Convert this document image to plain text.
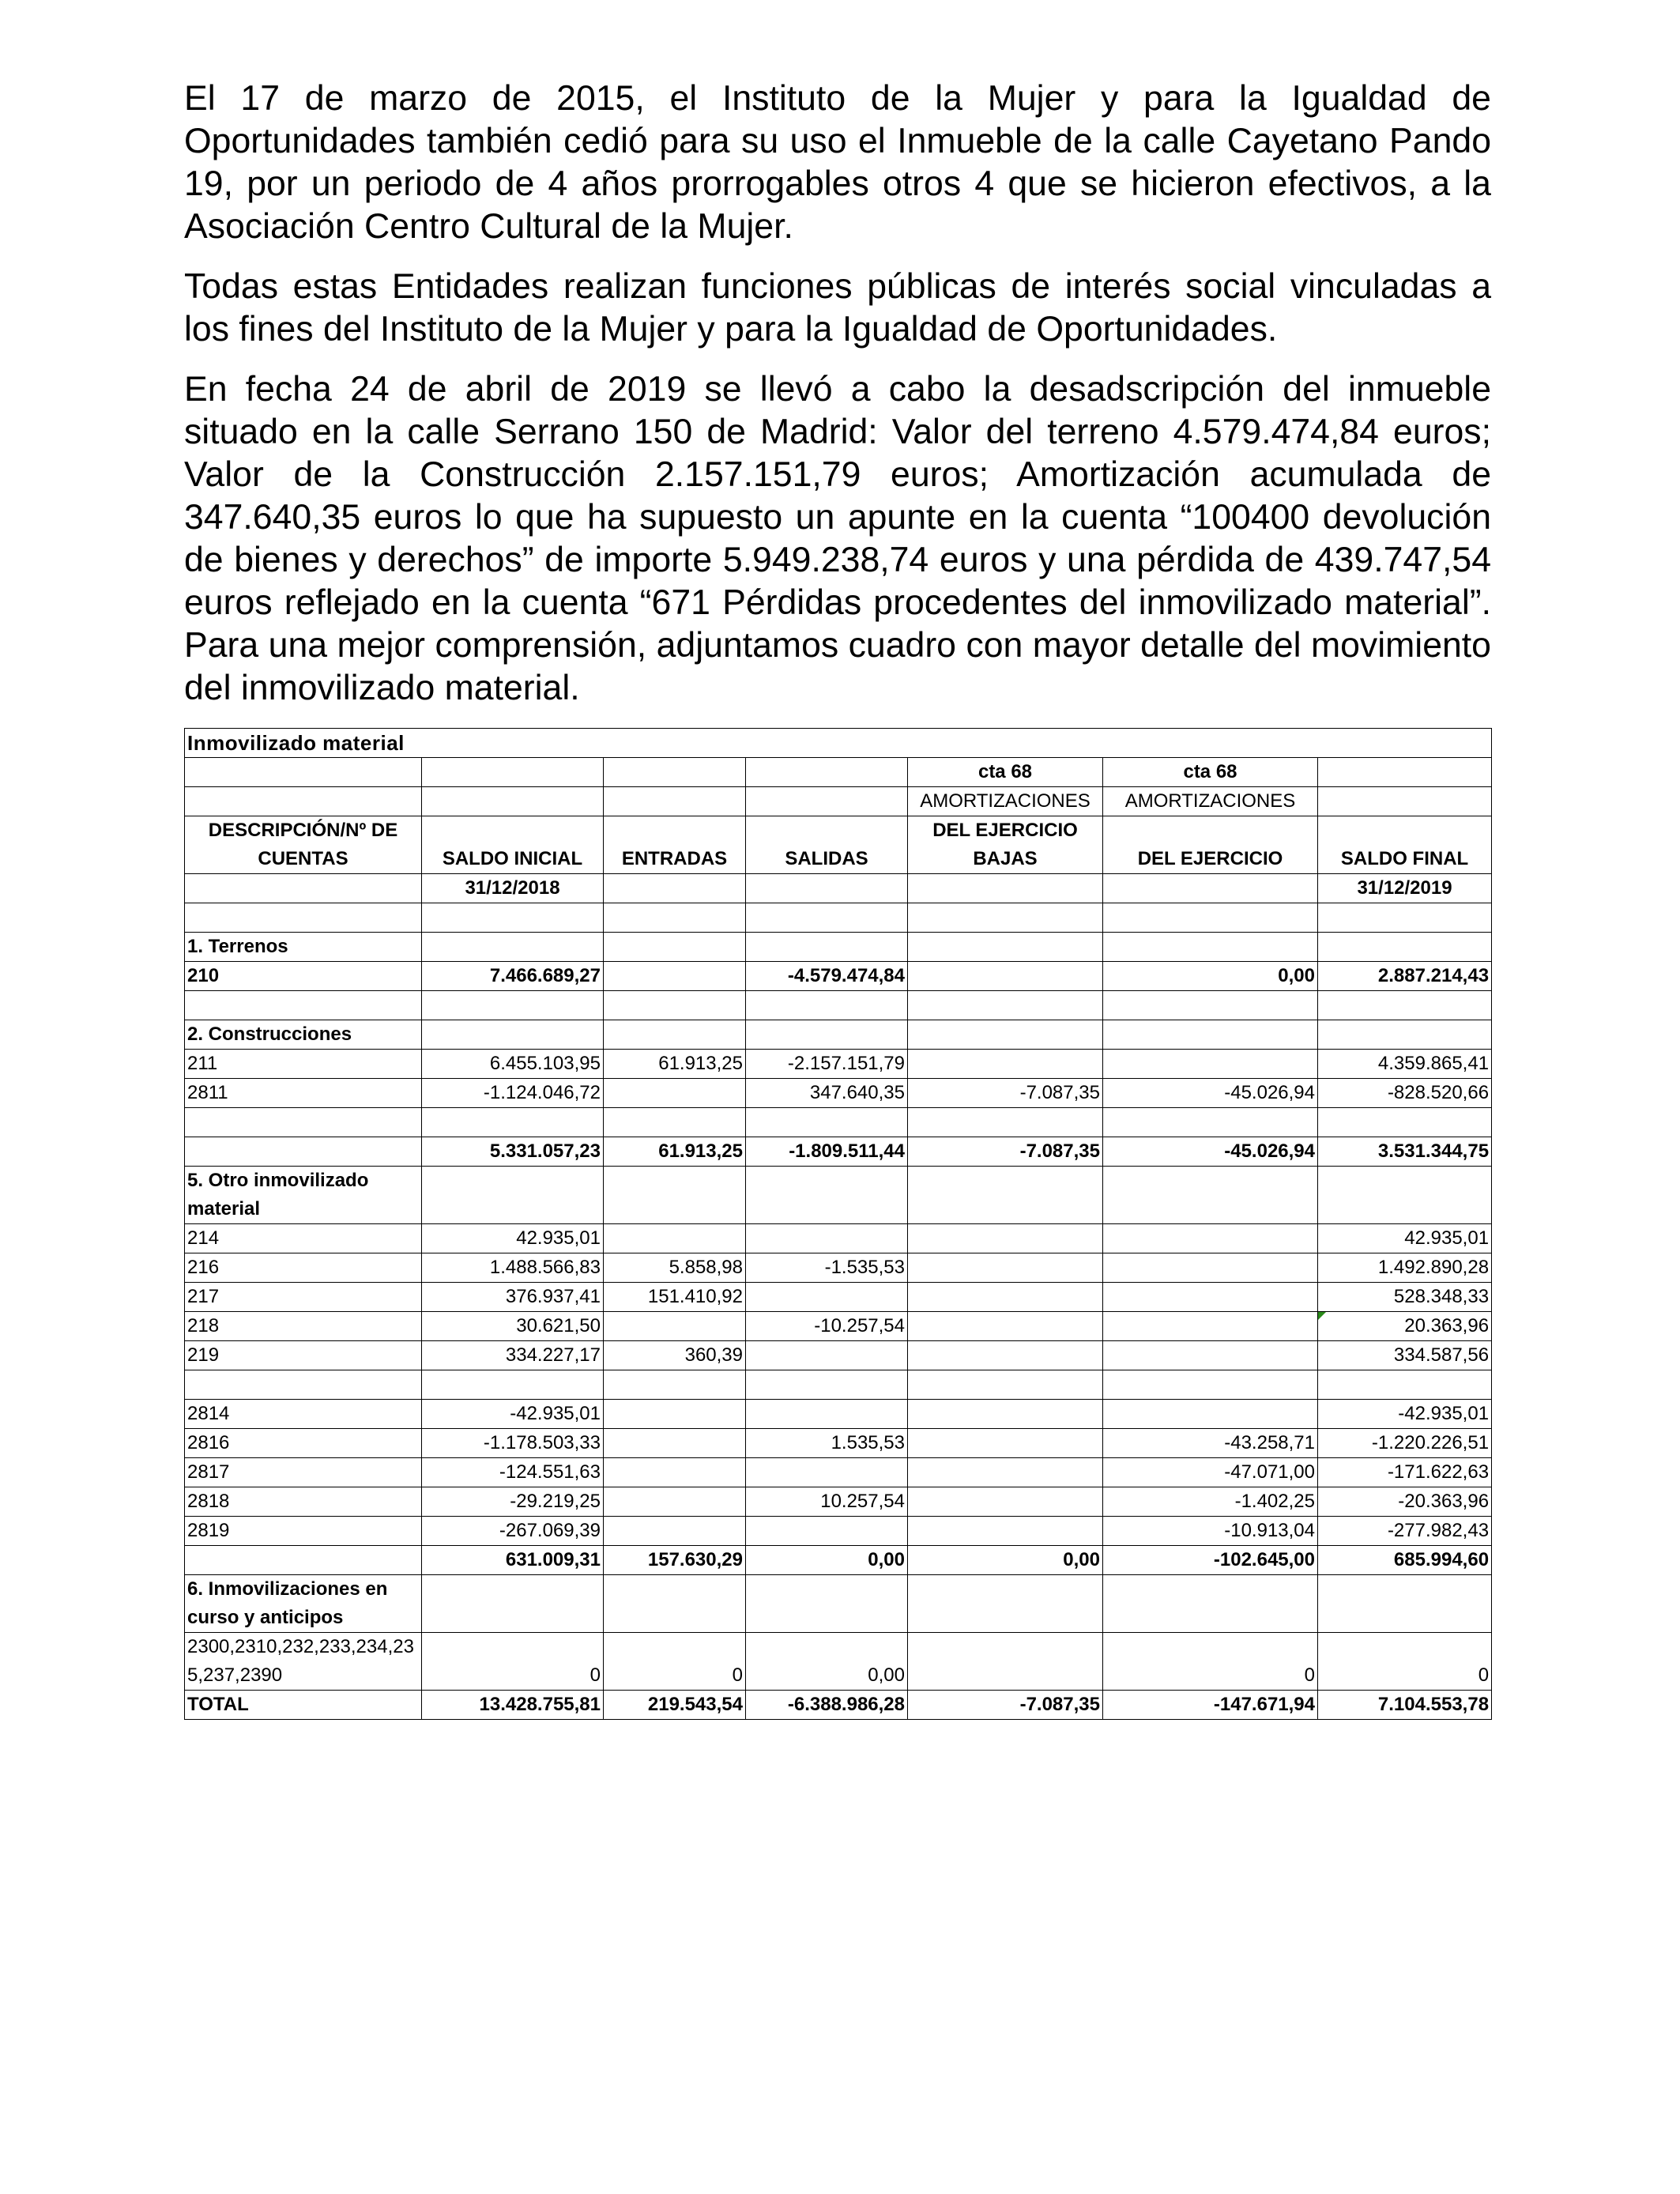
El 17 de marzo de 2015, el Instituto de la Mujer y para la Igualdad de Oportunidades también cedió para su uso el Inmueble de la calle Cayetano Pando 19, por un periodo de 4 años prorrogables otros 4 que se hicieron efectivos, a la Asociación Centro Cultural de la Mujer.

Todas estas Entidades realizan funciones públicas de interés social vinculadas a los fines del Instituto de la Mujer y para la Igualdad de Oportunidades.

En fecha 24 de abril de 2019 se llevó a cabo la desadscripción del inmueble situado en la calle Serrano 150 de Madrid: Valor del terreno 4.579.474,84 euros; Valor de la Construcción 2.157.151,79 euros; Amortización acumulada de 347.640,35 euros lo que ha supuesto un apunte en la cuenta “100400 devolución de bienes y derechos” de importe 5.949.238,74 euros y una pérdida de 439.747,54 euros reflejado en la cuenta “671 Pérdidas procedentes del inmovilizado material”. Para una mejor comprensión, adjuntamos cuadro con mayor detalle del movimiento del inmovilizado material.

Inmovilizado material						
				cta 68	cta 68	
				AMORTIZACIONES	AMORTIZACIONES	
DESCRIPCIÓN/Nº DE				DEL EJERCICIO		
CUENTAS	SALDO INICIAL	ENTRADAS	SALIDAS	BAJAS	DEL EJERCICIO	SALDO FINAL
	31/12/2018					31/12/2019

1. Terrenos						
210	7.466.689,27		-4.579.474,84		0,00	2.887.214,43

2. Construcciones						
211	6.455.103,95	61.913,25	-2.157.151,79			4.359.865,41
2811	-1.124.046,72		347.640,35	-7.087,35	-45.026,94	-828.520,66

	5.331.057,23	61.913,25	-1.809.511,44	-7.087,35	-45.026,94	3.531.344,75
5. Otro inmovilizado						
material						
214	42.935,01					42.935,01
216	1.488.566,83	5.858,98	-1.535,53			1.492.890,28
217	376.937,41	151.410,92				528.348,33
218	30.621,50		-10.257,54			20.363,96
219	334.227,17	360,39				334.587,56

2814	-42.935,01					-42.935,01
2816	-1.178.503,33		1.535,53		-43.258,71	-1.220.226,51
2817	-124.551,63				-47.071,00	-171.622,63
2818	-29.219,25		10.257,54		-1.402,25	-20.363,96
2819	-267.069,39				-10.913,04	-277.982,43
	631.009,31	157.630,29	0,00	0,00	-102.645,00	685.994,60
6. Inmovilizaciones en						
curso y anticipos						
2300,2310,232,233,234,23						
5,237,2390	0	0	0,00		0	0
TOTAL	13.428.755,81	219.543,54	-6.388.986,28	-7.087,35	-147.671,94	7.104.553,78
